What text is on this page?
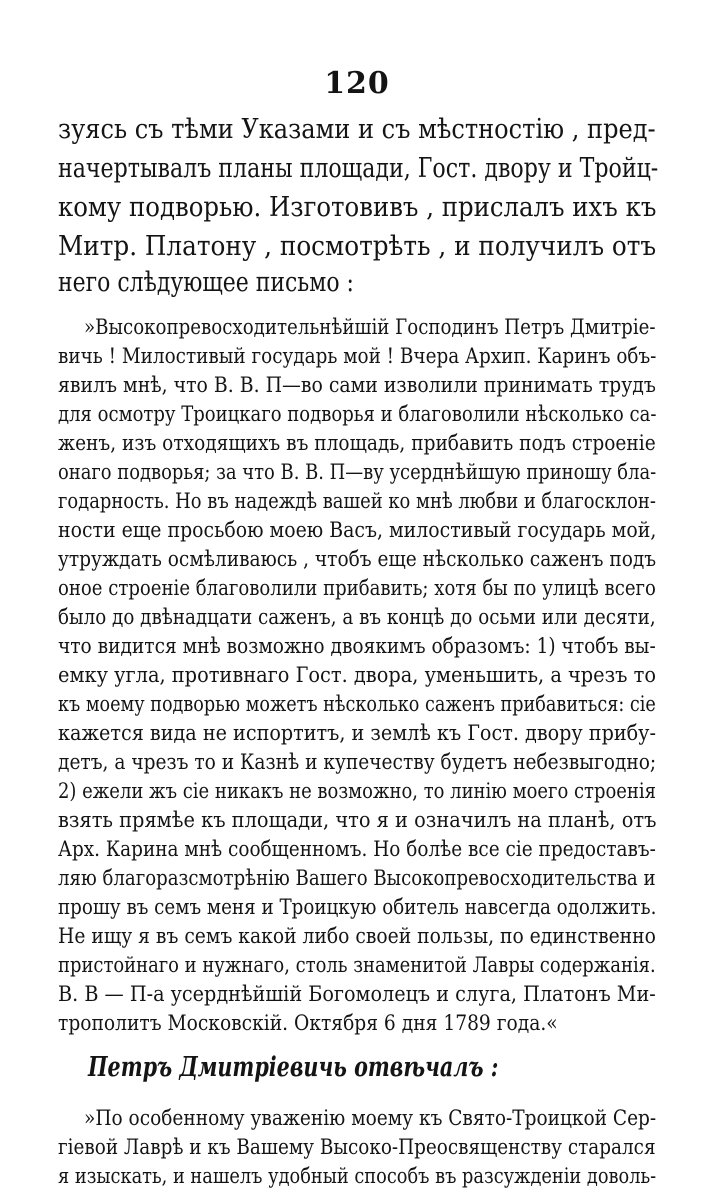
120
зуясь съ тѣми Указами и съ мѣстностію , пред-
начертывалъ планы площади, Гост. двору и Тройц-
кому подворью. Изготовивъ , прислалъ ихъ къ
Митр. Платону , посмотрѣть , и получилъ отъ
него слѣдующее письмо :
»Высокопревосходительнѣйшій Господинъ Петръ Дмитріе-
вичь ! Милостивый государь мой ! Вчера Архип. Каринъ объ-
явилъ мнѣ, что В. В. П—во сами изволили принимать трудъ
для осмотру Троицкаго подворья и благоволили нѣсколько са-
женъ, изъ отходящихъ въ площадь, прибавить подъ строеніе
онаго подворья; за что В. В. П—ву усерднѣйшую приношу бла-
годарность. Но въ надеждѣ вашей ко мнѣ любви и благосклон-
ности еще просьбою моею Васъ, милостивый государь мой,
утруждать осмѣливаюсь , чтобъ еще нѣсколько саженъ подъ
оное строеніе благоволили прибавить; хотя бы по улицѣ всего
было до двѣнадцати саженъ, а въ концѣ до осьми или десяти,
что видится мнѣ возможно двоякимъ образомъ: 1) чтобъ вы-
емку угла, противнаго Гост. двора, уменьшить, а чрезъ то
къ моему подворью можетъ нѣсколько саженъ прибавиться: сіе
кажется вида не испортитъ, и землѣ къ Гост. двору прибу-
детъ, а чрезъ то и Казнѣ и купечеству будетъ небезвыгодно;
2) ежели жъ сіе никакъ не возможно, то линію моего строенія
взять прямѣе къ площади, что я и означилъ на планѣ, отъ
Арх. Карина мнѣ сообщенномъ. Но болѣе все сіе предоставъ-
ляю благоразсмотрѣнію Вашего Высокопревосходительства и
прошу въ семъ меня и Троицкую обитель навсегда одолжить.
Не ищу я въ семъ какой либо своей пользы, по единственно
пристойнаго и нужнаго, столь знаменитой Лавры содержанія.
В. В — П-а усерднѣйшій Богомолецъ и слуга, Платонъ Ми-
трополитъ Московскій. Октября 6 дня 1789 года.«
Петръ Дмитріевичь отвѣчалъ :
»По особенному уваженію моему къ Свято-Троицкой Сер-
гіевой Лаврѣ и къ Вашему Высоко-Преосвященству старался
я изыскать, и нашелъ удобный способъ въ разсужденіи доволь-
